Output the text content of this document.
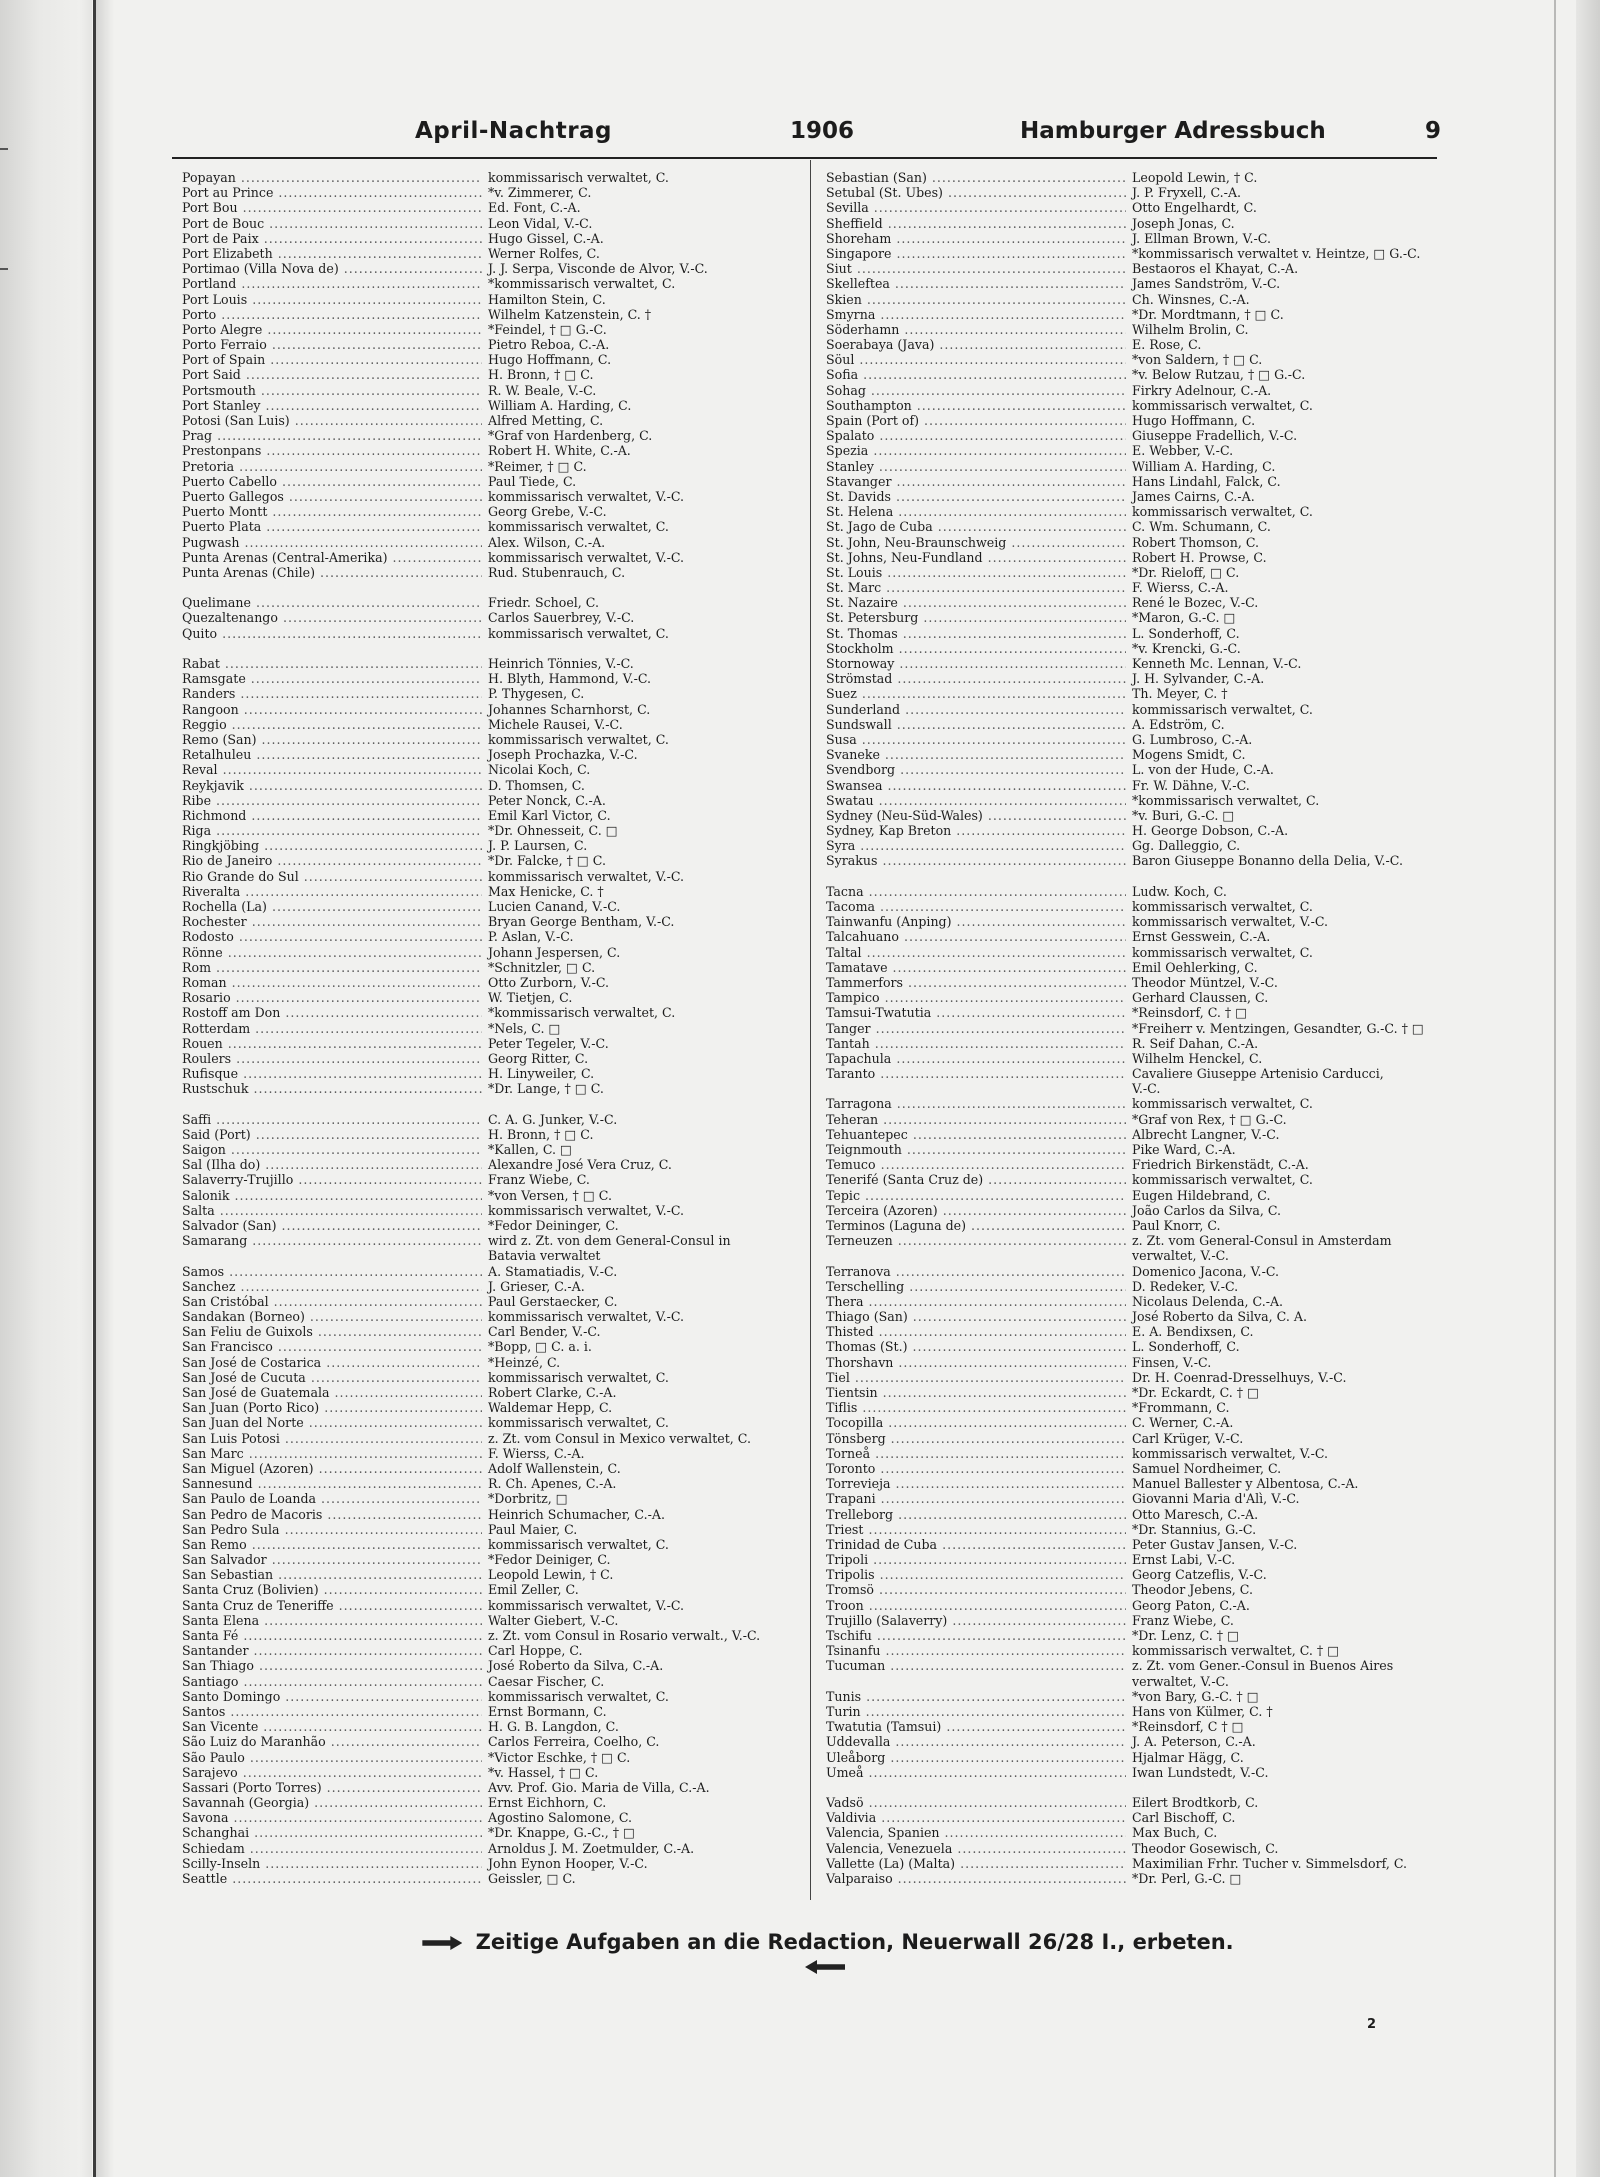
April-Nachtrag	1906	Hamburger Adressbuch	9
Popayan .....	kommissarisch verwaltet, C.
Port au Prince .....	*v. Zimmerer, C.
Port Bou .....	Ed. Font, C.-A.
Port de Bouc .....	Leon Vidal, V.-C.
Port de Paix .....	Hugo Gissel, C.-A.
Port Elizabeth .....	Werner Rolfes, C.
Portimao (Villa Nova de) .....	J. J. Serpa, Visconde de Alvor, V.-C.
Portland .....	*kommissarisch verwaltet, C.
Port Louis .....	Hamilton Stein, C.
Porto .....	Wilhelm Katzenstein, C. †
Porto Alegre .....	*Feindel, † □ G.-C.
Porto Ferraio .....	Pietro Reboa, C.-A.
Port of Spain .....	Hugo Hoffmann, C.
Port Said .....	H. Bronn, † □ C.
Portsmouth .....	R. W. Beale, V.-C.
Port Stanley .....	William A. Harding, C.
Potosi (San Luis) .....	Alfred Metting, C.
Prag .....	*Graf von Hardenberg, C.
Prestonpans .....	Robert H. White, C.-A.
Pretoria .....	*Reimer, † □ C.
Puerto Cabello .....	Paul Tiede, C.
Puerto Gallegos .....	kommissarisch verwaltet, V.-C.
Puerto Montt .....	Georg Grebe, V.-C.
Puerto Plata .....	kommissarisch verwaltet, C.
Pugwash .....	Alex. Wilson, C.-A.
Punta Arenas (Central-Amerika) .....	kommissarisch verwaltet, V.-C.
Punta Arenas (Chile) .....	Rud. Stubenrauch, C.
Quelimane .....	Friedr. Schoel, C.
Quezaltenango .....	Carlos Sauerbrey, V.-C.
Quito .....	kommissarisch verwaltet, C.
Rabat .....	Heinrich Tönnies, V.-C.
Ramsgate .....	H. Blyth, Hammond, V.-C.
Randers .....	P. Thygesen, C.
Rangoon .....	Johannes Scharnhorst, C.
Reggio .....	Michele Rausei, V.-C.
Remo (San) .....	kommissarisch verwaltet, C.
Retalhuleu .....	Joseph Prochazka, V.-C.
Reval .....	Nicolai Koch, C.
Reykjavik .....	D. Thomsen, C.
Ribe .....	Peter Nonck, C.-A.
Richmond .....	Emil Karl Victor, C.
Riga .....	*Dr. Ohnesseit, C. □
Ringkjöbing .....	J. P. Laursen, C.
Rio de Janeiro .....	*Dr. Falcke, † □ C.
Rio Grande do Sul .....	kommissarisch verwaltet, V.-C.
Riveralta .....	Max Henicke, C. †
Rochella (La) .....	Lucien Canand, V.-C.
Rochester .....	Bryan George Bentham, V.-C.
Rodosto .....	P. Aslan, V.-C.
Rönne .....	Johann Jespersen, C.
Rom .....	*Schnitzler, □ C.
Roman .....	Otto Zurborn, V.-C.
Rosario .....	W. Tietjen, C.
Rostoff am Don .....	*kommissarisch verwaltet, C.
Rotterdam .....	*Nels, C. □
Rouen .....	Peter Tegeler, V.-C.
Roulers .....	Georg Ritter, C.
Rufisque .....	H. Linyweiler, C.
Rustschuk .....	*Dr. Lange, † □ C.
Saffi .....	C. A. G. Junker, V.-C.
Said (Port) .....	H. Bronn, † □ C.
Saigon .....	*Kallen, C. □
Sal (Ilha do) .....	Alexandre José Vera Cruz, C.
Salaverry-Trujillo .....	Franz Wiebe, C.
Salonik .....	*von Versen, † □ C.
Salta .....	kommissarisch verwaltet, V.-C.
Salvador (San) .....	*Fedor Deininger, C.
Samarang .....	wird z. Zt. von dem General-Consul in
Batavia verwaltet
Samos .....	A. Stamatiadis, V.-C.
Sanchez .....	J. Grieser, C.-A.
San Cristóbal .....	Paul Gerstaecker, C.
Sandakan (Borneo) .....	kommissarisch verwaltet, V.-C.
San Feliu de Guixols .....	Carl Bender, V.-C.
San Francisco .....	*Bopp, □ C. a. i.
San José de Costarica .....	*Heinzé, C.
San José de Cucuta .....	kommissarisch verwaltet, C.
San José de Guatemala .....	Robert Clarke, C.-A.
San Juan (Porto Rico) .....	Waldemar Hepp, C.
San Juan del Norte .....	kommissarisch verwaltet, C.
San Luis Potosi .....	z. Zt. vom Consul in Mexico verwaltet, C.
San Marc .....	F. Wierss, C.-A.
San Miguel (Azoren) .....	Adolf Wallenstein, C.
Sannesund .....	R. Ch. Apenes, C.-A.
San Paulo de Loanda .....	*Dorbritz, □
San Pedro de Macoris .....	Heinrich Schumacher, C.-A.
San Pedro Sula .....	Paul Maier, C.
San Remo .....	kommissarisch verwaltet, C.
San Salvador .....	*Fedor Deiniger, C.
San Sebastian .....	Leopold Lewin, † C.
Santa Cruz (Bolivien) .....	Emil Zeller, C.
Santa Cruz de Teneriffe .....	kommissarisch verwaltet, V.-C.
Santa Elena .....	Walter Giebert, V.-C.
Santa Fé .....	z. Zt. vom Consul in Rosario verwalt., V.-C.
Santander .....	Carl Hoppe, C.
San Thiago .....	José Roberto da Silva, C.-A.
Santiago .....	Caesar Fischer, C.
Santo Domingo .....	kommissarisch verwaltet, C.
Santos .....	Ernst Bormann, C.
San Vicente .....	H. G. B. Langdon, C.
São Luiz do Maranhão .....	Carlos Ferreira, Coelho, C.
São Paulo .....	*Victor Eschke, † □ C.
Sarajevo .....	*v. Hassel, † □ C.
Sassari (Porto Torres) .....	Avv. Prof. Gio. Maria de Villa, C.-A.
Savannah (Georgia) .....	Ernst Eichhorn, C.
Savona .....	Agostino Salomone, C.
Schanghai .....	*Dr. Knappe, G.-C., † □
Schiedam .....	Arnoldus J. M. Zoetmulder, C.-A.
Scilly-Inseln .....	John Eynon Hooper, V.-C.
Seattle .....	Geissler, □ C.
Sebastian (San) .....	Leopold Lewin, † C.
Setubal (St. Ubes) .....	J. P. Fryxell, C.-A.
Sevilla .....	Otto Engelhardt, C.
Sheffield .....	Joseph Jonas, C.
Shoreham .....	J. Ellman Brown, V.-C.
Singapore .....	*kommissarisch verwaltet v. Heintze, □ G.-C.
Siut .....	Bestaoros el Khayat, C.-A.
Skelleftea .....	James Sandström, V.-C.
Skien .....	Ch. Winsnes, C.-A.
Smyrna .....	*Dr. Mordtmann, † □ C.
Söderhamn .....	Wilhelm Brolin, C.
Soerabaya (Java) .....	E. Rose, C.
Söul .....	*von Saldern, † □ C.
Sofia .....	*v. Below Rutzau, † □ G.-C.
Sohag .....	Firkry Adelnour, C.-A.
Southampton .....	kommissarisch verwaltet, C.
Spain (Port of) .....	Hugo Hoffmann, C.
Spalato .....	Giuseppe Fradellich, V.-C.
Spezia .....	E. Webber, V.-C.
Stanley .....	William A. Harding, C.
Stavanger .....	Hans Lindahl, Falck, C.
St. Davids .....	James Cairns, C.-A.
St. Helena .....	kommissarisch verwaltet, C.
St. Jago de Cuba .....	C. Wm. Schumann, C.
St. John, Neu-Braunschweig .....	Robert Thomson, C.
St. Johns, Neu-Fundland .....	Robert H. Prowse, C.
St. Louis .....	*Dr. Rieloff, □ C.
St. Marc .....	F. Wierss, C.-A.
St. Nazaire .....	René le Bozec, V.-C.
St. Petersburg .....	*Maron, G.-C. □
St. Thomas .....	L. Sonderhoff, C.
Stockholm .....	*v. Krencki, G.-C.
Stornoway .....	Kenneth Mc. Lennan, V.-C.
Strömstad .....	J. H. Sylvander, C.-A.
Suez .....	Th. Meyer, C. †
Sunderland .....	kommissarisch verwaltet, C.
Sundswall .....	A. Edström, C.
Susa .....	G. Lumbroso, C.-A.
Svaneke .....	Mogens Smidt, C.
Svendborg .....	L. von der Hude, C.-A.
Swansea .....	Fr. W. Dähne, V.-C.
Swatau .....	*kommissarisch verwaltet, C.
Sydney (Neu-Süd-Wales) .....	*v. Buri, G.-C. □
Sydney, Kap Breton .....	H. George Dobson, C.-A.
Syra .....	Gg. Dalleggio, C.
Syrakus .....	Baron Giuseppe Bonanno della Delia, V.-C.
Tacna .....	Ludw. Koch, C.
Tacoma .....	kommissarisch verwaltet, C.
Tainwanfu (Anping) .....	kommissarisch verwaltet, V.-C.
Talcahuano .....	Ernst Gesswein, C.-A.
Taltal .....	kommissarisch verwaltet, C.
Tamatave .....	Emil Oehlerking, C.
Tammerfors .....	Theodor Müntzel, V.-C.
Tampico .....	Gerhard Claussen, C.
Tamsui-Twatutia .....	*Reinsdorf, C. † □
Tanger .....	*Freiherr v. Mentzingen, Gesandter, G.-C. † □
Tantah .....	R. Seif Dahan, C.-A.
Tapachula .....	Wilhelm Henckel, C.
Taranto .....	Cavaliere Giuseppe Artenisio Carducci,
V.-C.
Tarragona .....	kommissarisch verwaltet, C.
Teheran .....	*Graf von Rex, † □ G.-C.
Tehuantepec .....	Albrecht Langner, V.-C.
Teignmouth .....	Pike Ward, C.-A.
Temuco .....	Friedrich Birkenstädt, C.-A.
Tenerifé (Santa Cruz de) .....	kommissarisch verwaltet, C.
Tepic .....	Eugen Hildebrand, C.
Terceira (Azoren) .....	João Carlos da Silva, C.
Terminos (Laguna de) .....	Paul Knorr, C.
Terneuzen .....	z. Zt. vom General-Consul in Amsterdam
verwaltet, V.-C.
Terranova .....	Domenico Jacona, V.-C.
Terschelling .....	D. Redeker, V.-C.
Thera .....	Nicolaus Delenda, C.-A.
Thiago (San) .....	José Roberto da Silva, C. A.
Thisted .....	E. A. Bendixsen, C.
Thomas (St.) .....	L. Sonderhoff, C.
Thorshavn .....	Finsen, V.-C.
Tiel .....	Dr. H. Coenrad-Dresselhuys, V.-C.
Tientsin .....	*Dr. Eckardt, C. † □
Tiflis .....	*Frommann, C.
Tocopilla .....	C. Werner, C.-A.
Tönsberg .....	Carl Krüger, V.-C.
Torneå .....	kommissarisch verwaltet, V.-C.
Toronto .....	Samuel Nordheimer, C.
Torrevieja .....	Manuel Ballester y Albentosa, C.-A.
Trapani .....	Giovanni Maria d'Alì, V.-C.
Trelleborg .....	Otto Maresch, C.-A.
Triest .....	*Dr. Stannius, G.-C.
Trinidad de Cuba .....	Peter Gustav Jansen, V.-C.
Tripoli .....	Ernst Labi, V.-C.
Tripolis .....	Georg Catzeflis, V.-C.
Tromsö .....	Theodor Jebens, C.
Troon .....	Georg Paton, C.-A.
Trujillo (Salaverry) .....	Franz Wiebe, C.
Tschifu .....	*Dr. Lenz, C. † □
Tsinanfu .....	kommissarisch verwaltet, C. † □
Tucuman .....	z. Zt. vom Gener.-Consul in Buenos Aires
verwaltet, V.-C.
Tunis .....	*von Bary, G.-C. † □
Turin .....	Hans von Külmer, C. †
Twatutia (Tamsui) .....	*Reinsdorf, C † □
Uddevalla .....	J. A. Peterson, C.-A.
Uleåborg .....	Hjalmar Hägg, C.
Umeå .....	Iwan Lundstedt, V.-C.
Vadsö .....	Eilert Brodtkorb, C.
Valdivia .....	Carl Bischoff, C.
Valencia, Spanien .....	Max Buch, C.
Valencia, Venezuela .....	Theodor Gosewisch, C.
Vallette (La) (Malta) .....	Maximilian Frhr. Tucher v. Simmelsdorf, C.
Valparaiso .....	*Dr. Perl, G.-C. □
Zeitige Aufgaben an die Redaction, Neuerwall 26/28 I., erbeten.
2
